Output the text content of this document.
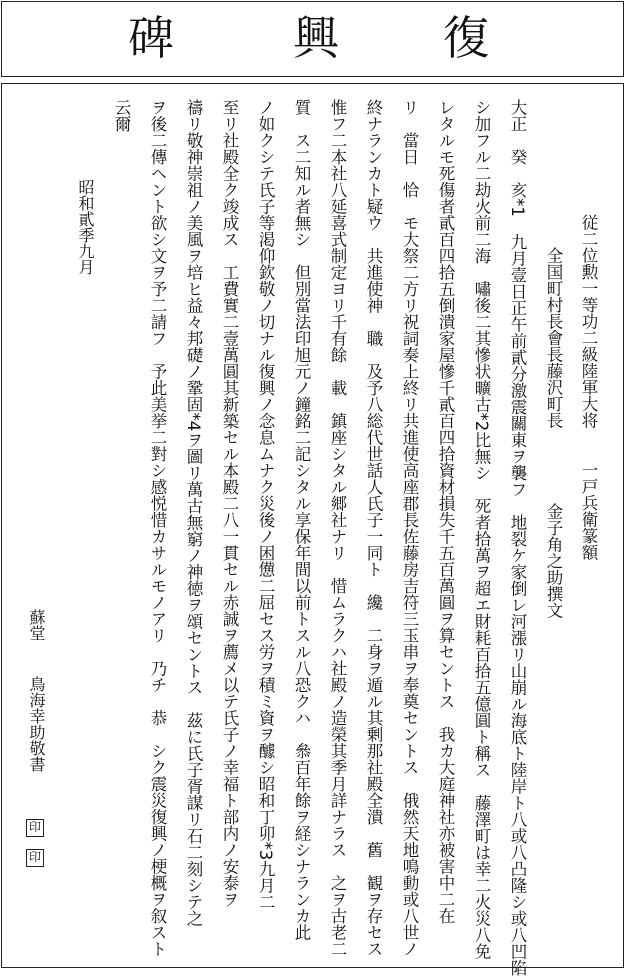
碑	興 復
従二位勲一等功二級陸軍大将　　一戸兵衛篆額
全国町村長會長藤沢町長
金子角之助撰文
大正　癸　亥*1　九月壹日正午前貳分激震關東ヲ襲フ　地裂ケ家倒レ河漲リ山崩ル海底ト陸岸ト八或八凸隆シ或八凹陷
シ加フル二劫火前二海　嘯後二其慘状曠古*2比無シ　死者拾萬ヲ超エ財耗百拾五億圓ト稱ス　藤澤町は幸二火災八免
レタルモ死傷者貳百四拾五倒潰家屋慘千貳百四拾資材損失千五百萬圓ヲ算セントス　我カ大庭神社亦被害中二在
リ　當日　恰　モ大祭二方リ祝詞奏上終リ共進使高座郡長佐藤房吉符三玉串ヲ奉奠セントス　俄然天地鳴動或八世ノ
終ナランカト疑ウ　共進使神　職　及予八総代世話人氏子一同ト　纔　二身ヲ遁ル其剰那社殿全潰　舊　観ヲ存セス
惟フ二本社八延喜式制定ヨリ千有餘　載　鎮座シタル郷社ナリ　惜ムラクハ社殿ノ造榮其季月詳ナラス　之ヲ古老二
質　ス二知ル者無シ　但別當法印旭元ノ鐘銘二記シタル享保年間以前トスル八恐クハ　叅百年餘ヲ経シナランカ此
ノ如クシテ氏子等渇仰欽敬ノ切ナル復興ノ念息ムナク災後ノ困憊二屈セス労ヲ積ミ資ヲ醵シ昭和丁卯*3九月二
至リ社殿全ク竣成ス　工費實二壹萬圓其新築セル本殿二八一貫セル赤誠ヲ薦メ以テ氏子ノ幸福ト部内ノ安泰ヲ
禱リ敬神崇祖ノ美風ヲ培ヒ益々邦礎ノ鞏固*4ヲ圖リ萬古無窮ノ神徳ヲ頌セントス　茲に氏子胥謀リ石二刻シテ之
ヲ後二傳ヘント欲シ文ヲ予二請フ　予此美挙二對シ感悦惜カサルモノアリ　乃チ　恭　シク震災復興ノ梗概ヲ叙スト
云爾
昭和貳季九月
蘇堂
鳥海幸助敬書
印
印
